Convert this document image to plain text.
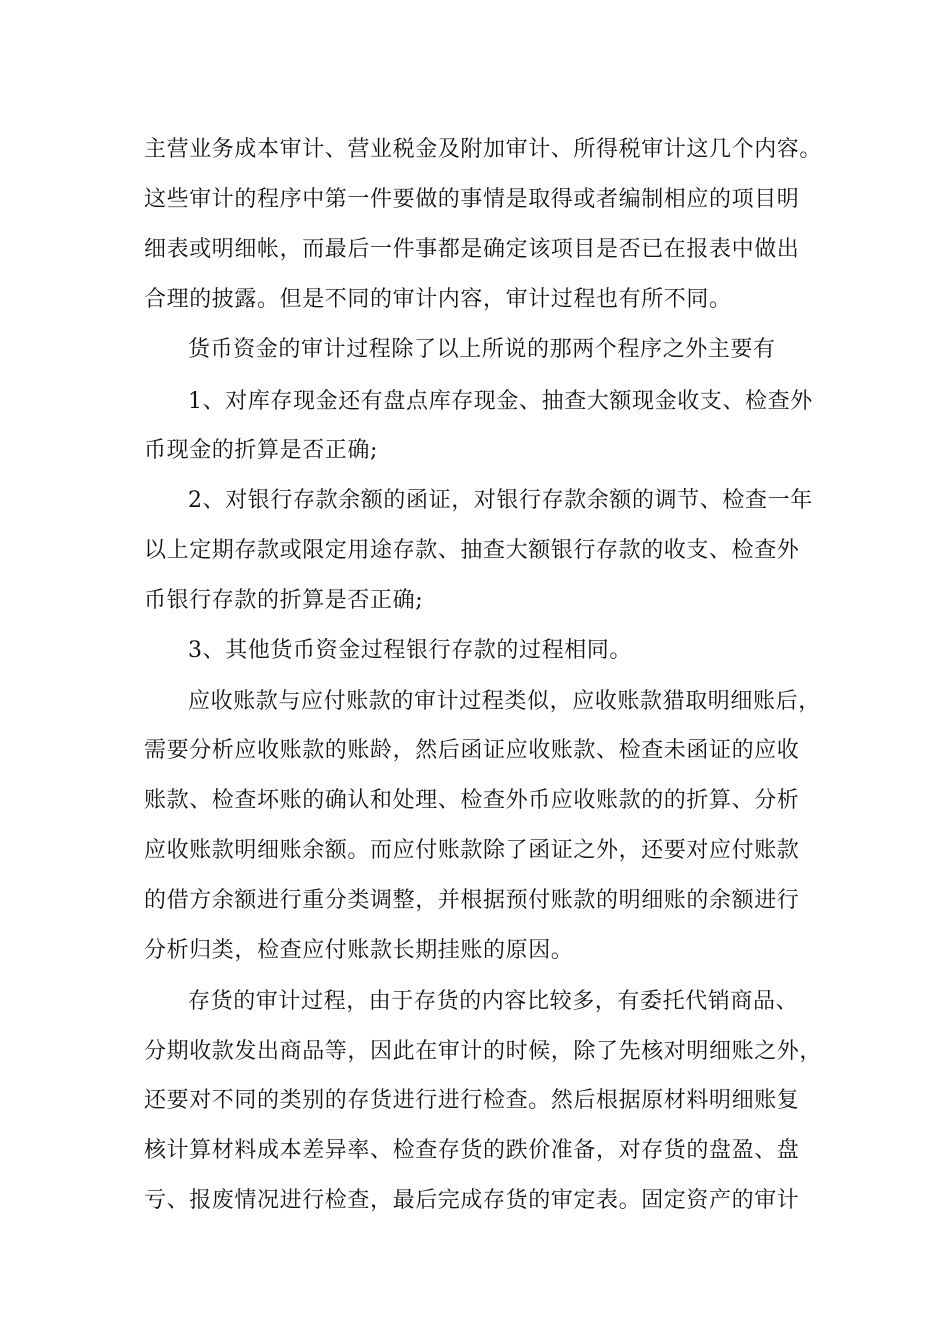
主营业务成本审计、营业税金及附加审计、所得税审计这几个内容。
这些审计的程序中第一件要做的事情是取得或者编制相应的项目明
细表或明细帐，而最后一件事都是确定该项目是否已在报表中做出
合理的披露。但是不同的审计内容，审计过程也有所不同。
货币资金的审计过程除了以上所说的那两个程序之外主要有
1、对库存现金还有盘点库存现金、抽查大额现金收支、检查外
币现金的折算是否正确;
2、对银行存款余额的函证，对银行存款余额的调节、检查一年
以上定期存款或限定用途存款、抽查大额银行存款的收支、检查外
币银行存款的折算是否正确;
3、其他货币资金过程银行存款的过程相同。
应收账款与应付账款的审计过程类似，应收账款猎取明细账后，
需要分析应收账款的账龄，然后函证应收账款、检查未函证的应收
账款、检查坏账的确认和处理、检查外币应收账款的的折算、分析
应收账款明细账余额。而应付账款除了函证之外，还要对应付账款
的借方余额进行重分类调整，并根据预付账款的明细账的余额进行
分析归类，检查应付账款长期挂账的原因。
存货的审计过程，由于存货的内容比较多，有委托代销商品、
分期收款发出商品等，因此在审计的时候，除了先核对明细账之外，
还要对不同的类别的存货进行进行检查。然后根据原材料明细账复
核计算材料成本差异率、检查存货的跌价准备，对存货的盘盈、盘
亏、报废情况进行检查，最后完成存货的审定表。固定资产的审计
